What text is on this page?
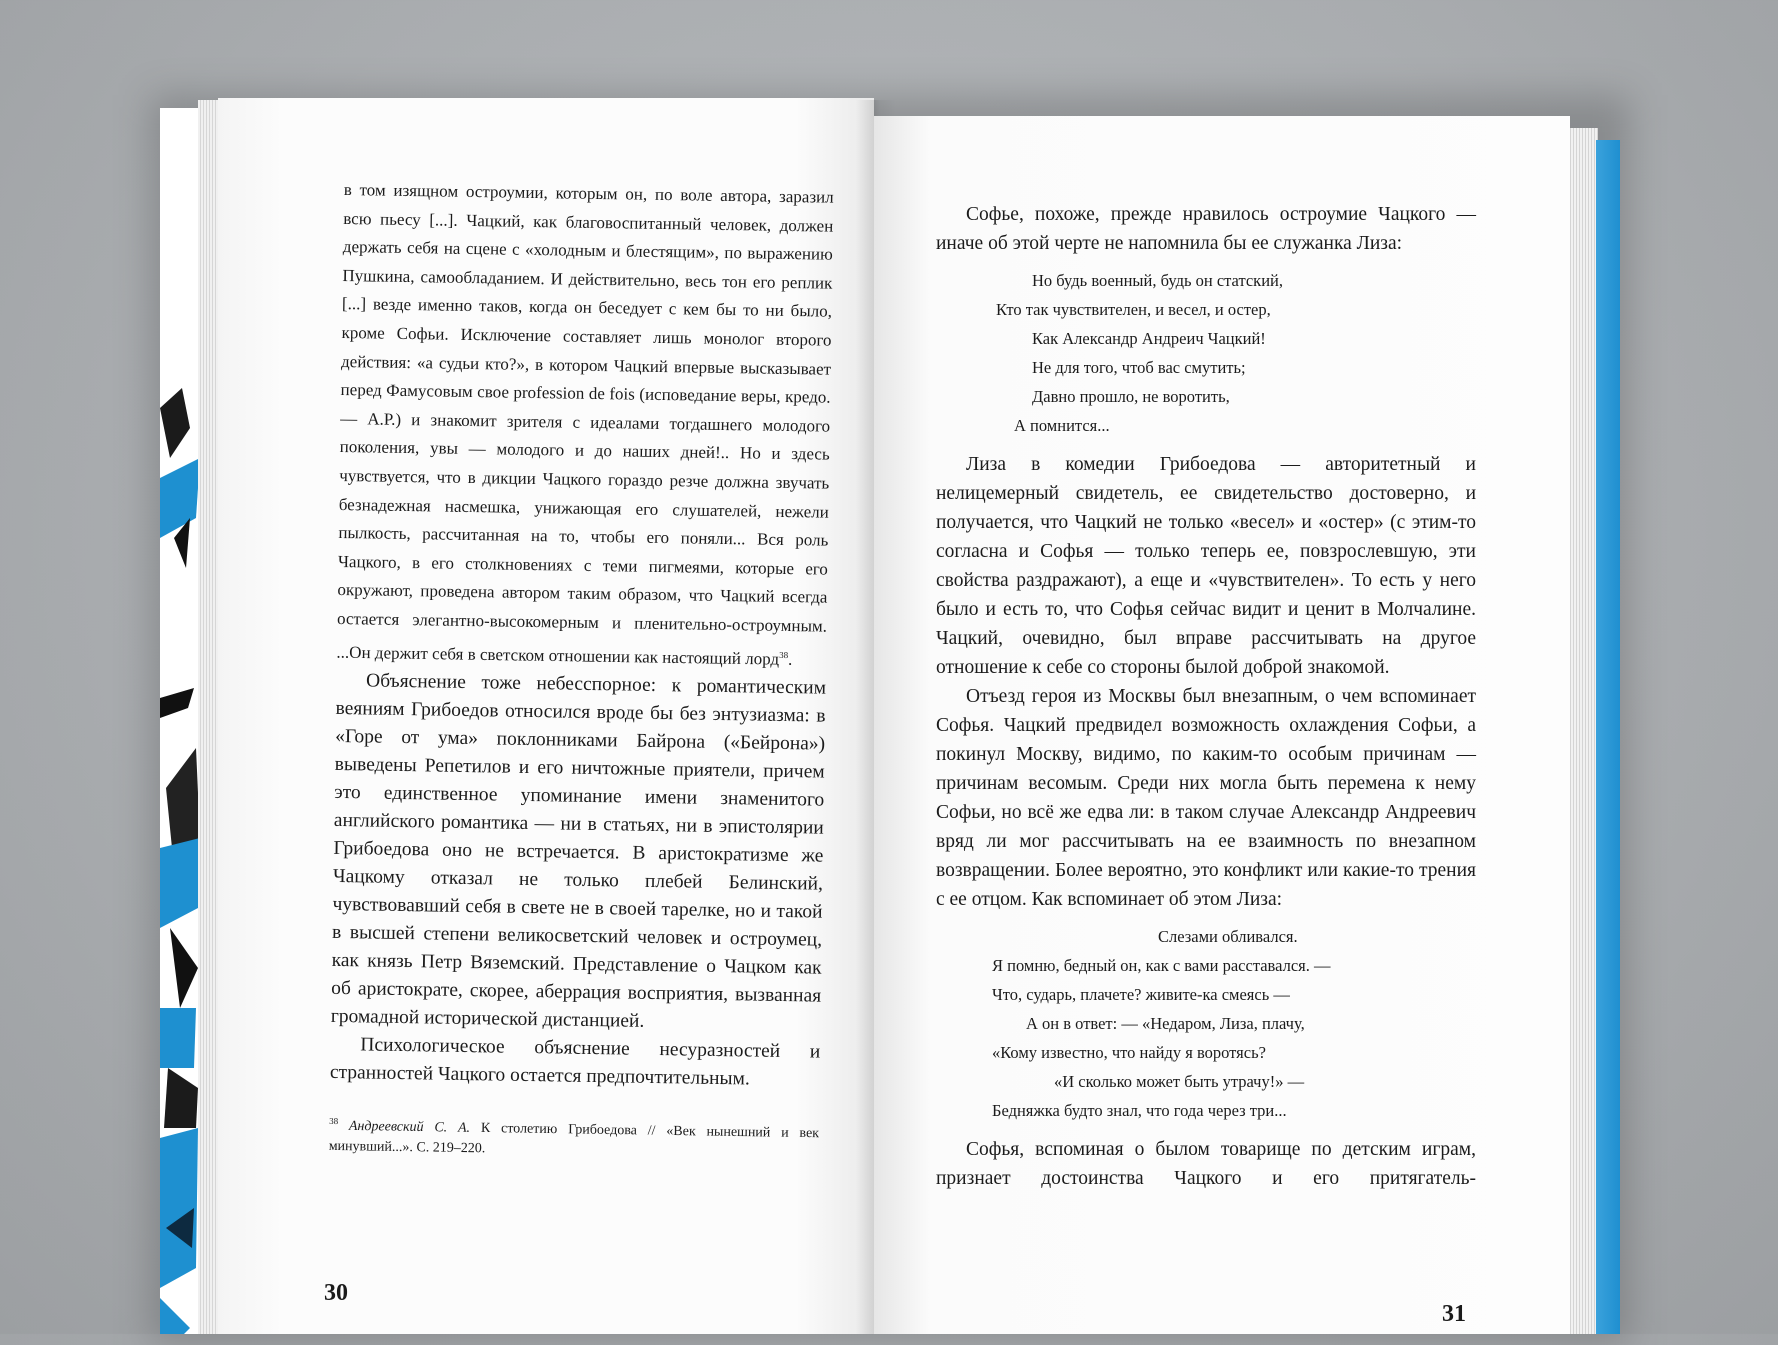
в том изящном остроумии, которым он, по воле автора, заразил всю пьесу [...]. Чацкий, как благовоспитанный человек, должен держать себя на сцене с «холодным и блестящим», по выражению Пушкина, самообладанием. И действительно, весь тон его реплик [...] везде именно таков, когда он беседует с кем бы то ни было, кроме Софьи. Исключение составляет лишь монолог второго действия: «а судьи кто?», в котором Чацкий впервые высказывает перед Фамусовым свое profession de fois (исповедание веры, кредо. — А.Р.) и знакомит зрителя с идеалами тогдашнего молодого поколения, увы — молодого и до наших дней!.. Но и здесь чувствуется, что в дикции Чацкого гораздо резче должна звучать безнадежная насмешка, унижающая его слушателей, нежели пылкость, рассчитанная на то, чтобы его поняли... Вся роль Чацкого, в его столкновениях с теми пигмеями, которые его окружают, проведена автором таким образом, что Чацкий всегда остается элегантно-высокомерным и пленительно-остроумным. ...Он держит себя в светском отношении как настоящий лорд$^{38}$.

Объяснение тоже небесспорное: к романтическим веяниям Грибоедов относился вроде бы без энтузиазма: в «Горе от ума» поклонниками Байрона («Бейрона») выведены Репетилов и его ничтожные приятели, причем это единственное упоминание имени знаменитого английского романтика — ни в статьях, ни в эпистолярии Грибоедова оно не встречается. В аристократизме же Чацкому отказал не только плебей Белинский, чувствовавший себя в свете не в своей тарелке, но и такой в высшей степени великосветский человек и остроумец, как князь Петр Вяземский. Представление о Чацком как об аристократе, скорее, аберрация восприятия, вызванная громадной исторической дистанцией.

Психологическое объяснение несуразностей и странностей Чацкого остается предпочтительным.

$^{38}$ Андреевский С. А. К столетию Грибоедова // «Век нынешний и век минувший...». С. 219–220.
30

Софье, похоже, прежде нравилось остроумие Чацкого — иначе об этой черте не напомнила бы ее служанка Лиза:

Но будь военный, будь он статский,
Кто так чувствителен, и весел, и остер,
Как Александр Андреич Чацкий!
Не для того, чтоб вас смутить;
Давно прошло, не воротить,
А помнится...

Лиза в комедии Грибоедова — авторитетный и нелицемерный свидетель, ее свидетельство достоверно, и получается, что Чацкий не только «весел» и «остер» (с этим-то согласна и Софья — только теперь ее, повзрослевшую, эти свойства раздражают), а еще и «чувствителен». То есть у него было и есть то, что Софья сейчас видит и ценит в Молчалине. Чацкий, очевидно, был вправе рассчитывать на другое отношение к себе со стороны былой доброй знакомой.

Отъезд героя из Москвы был внезапным, о чем вспоминает Софья. Чацкий предвидел возможность охлаждения Софьи, а покинул Москву, видимо, по каким-то особым причинам — причинам весомым. Среди них могла быть перемена к нему Софьи, но всё же едва ли: в таком случае Александр Андреевич вряд ли мог рассчитывать на ее взаимность по внезапном возвращении. Более вероятно, это конфликт или какие-то трения с ее отцом. Как вспоминает об этом Лиза:

Слезами обливался.
Я помню, бедный он, как с вами расставался. —
Что, сударь, плачете? живите-ка смеясь —
А он в ответ: — «Недаром, Лиза, плачу,
«Кому известно, что найду я воротясь?
«И сколько может быть утрачу!» —
Бедняжка будто знал, что года через три...

Софья, вспоминая о былом товарище по детским играм, признает достоинства Чацкого и его притягатель-

31
